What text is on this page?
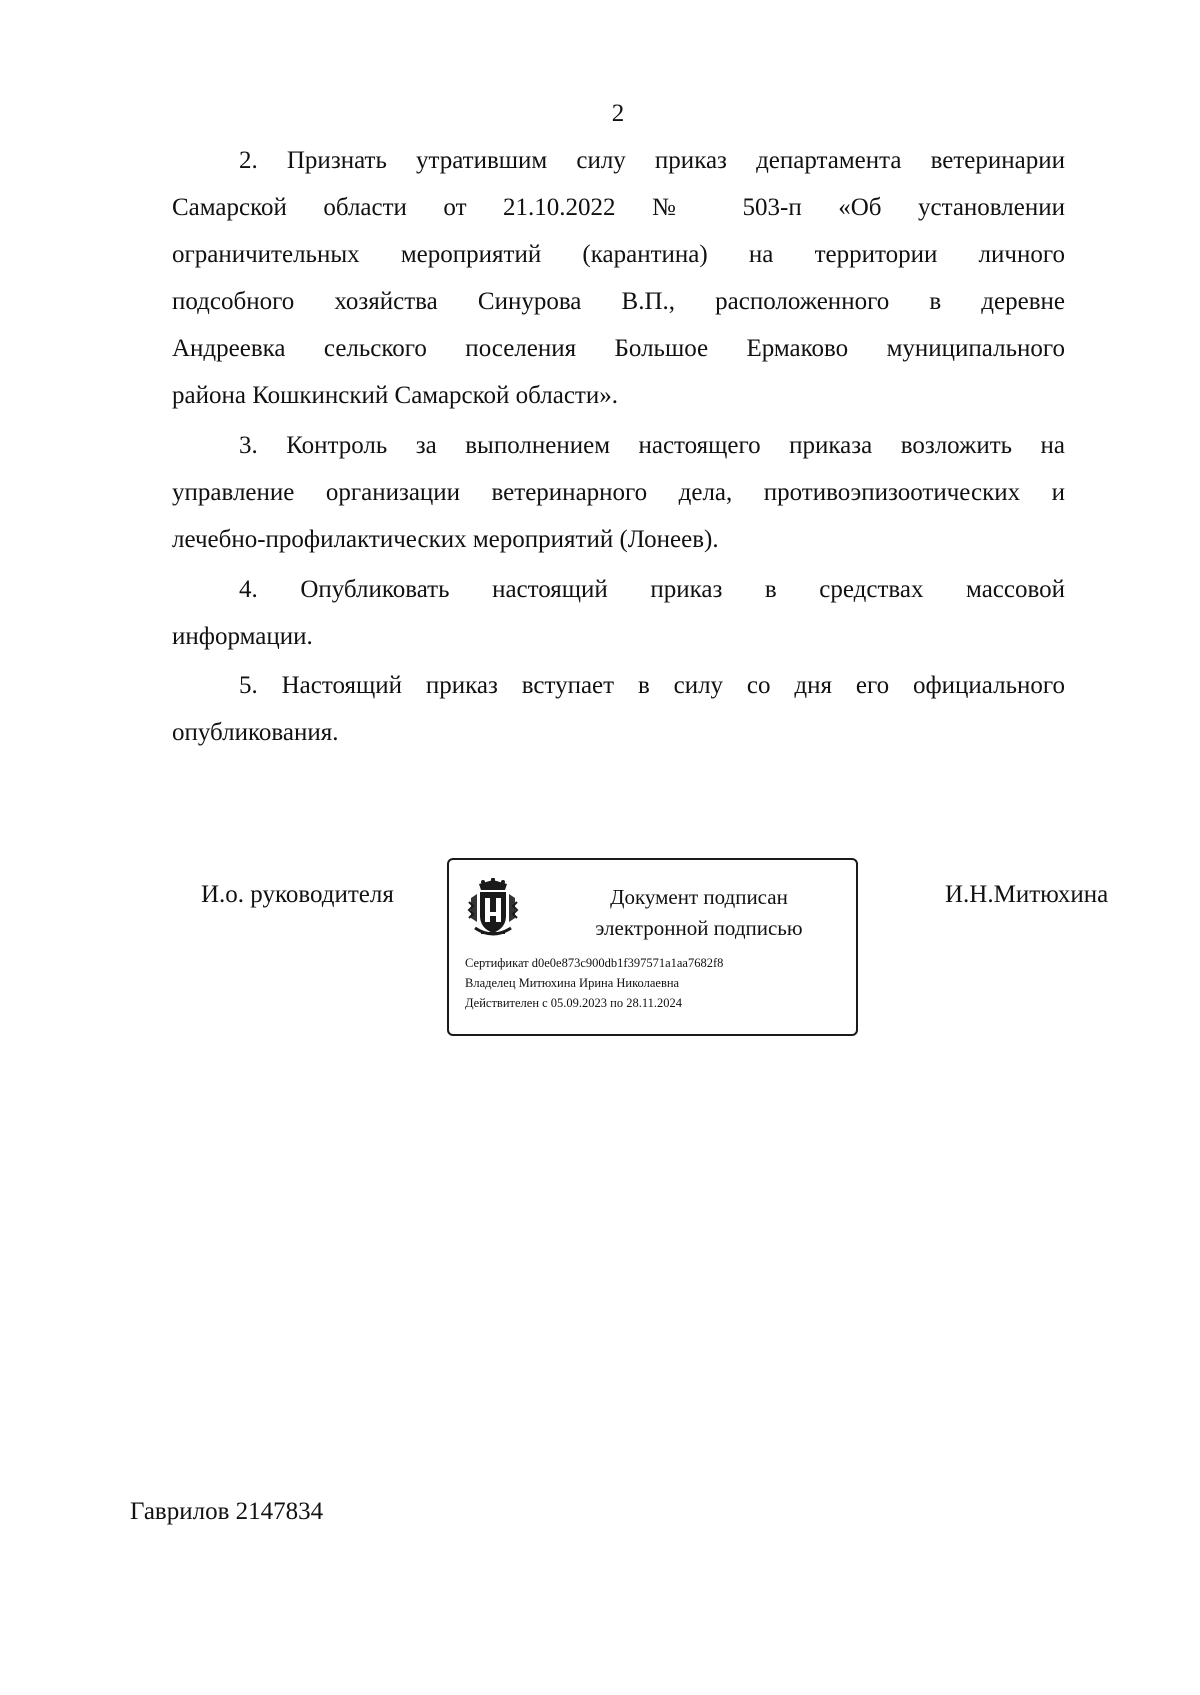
2

2. Признать утратившим силу приказ департамента ветеринарии
Самарской области от 21.10.2022 № 503-п «Об установлении
ограничительных мероприятий (карантина) на территории личного
подсобного хозяйства Синурова В.П., расположенного в деревне
Андреевка сельского поселения Большое Ермаково муниципального
района Кошкинский Самарской области».

3. Контроль за выполнением настоящего приказа возложить на
управление организации ветеринарного дела, противоэпизоотических и
лечебно-профилактических мероприятий (Лонеев).

4. Опубликовать настоящий приказ в средствах массовой
информации.

5. Настоящий приказ вступает в силу со дня его официального
опубликования.

И.о. руководителя	Документ подписан
электронной подписью
Сертификат d0e0e873c900db1f397571a1aa7682f8
Владелец Митюхина Ирина Николаевна
Действителен с 05.09.2023 по 28.11.2024
И.Н.Митюхина
Гаврилов 2147834
